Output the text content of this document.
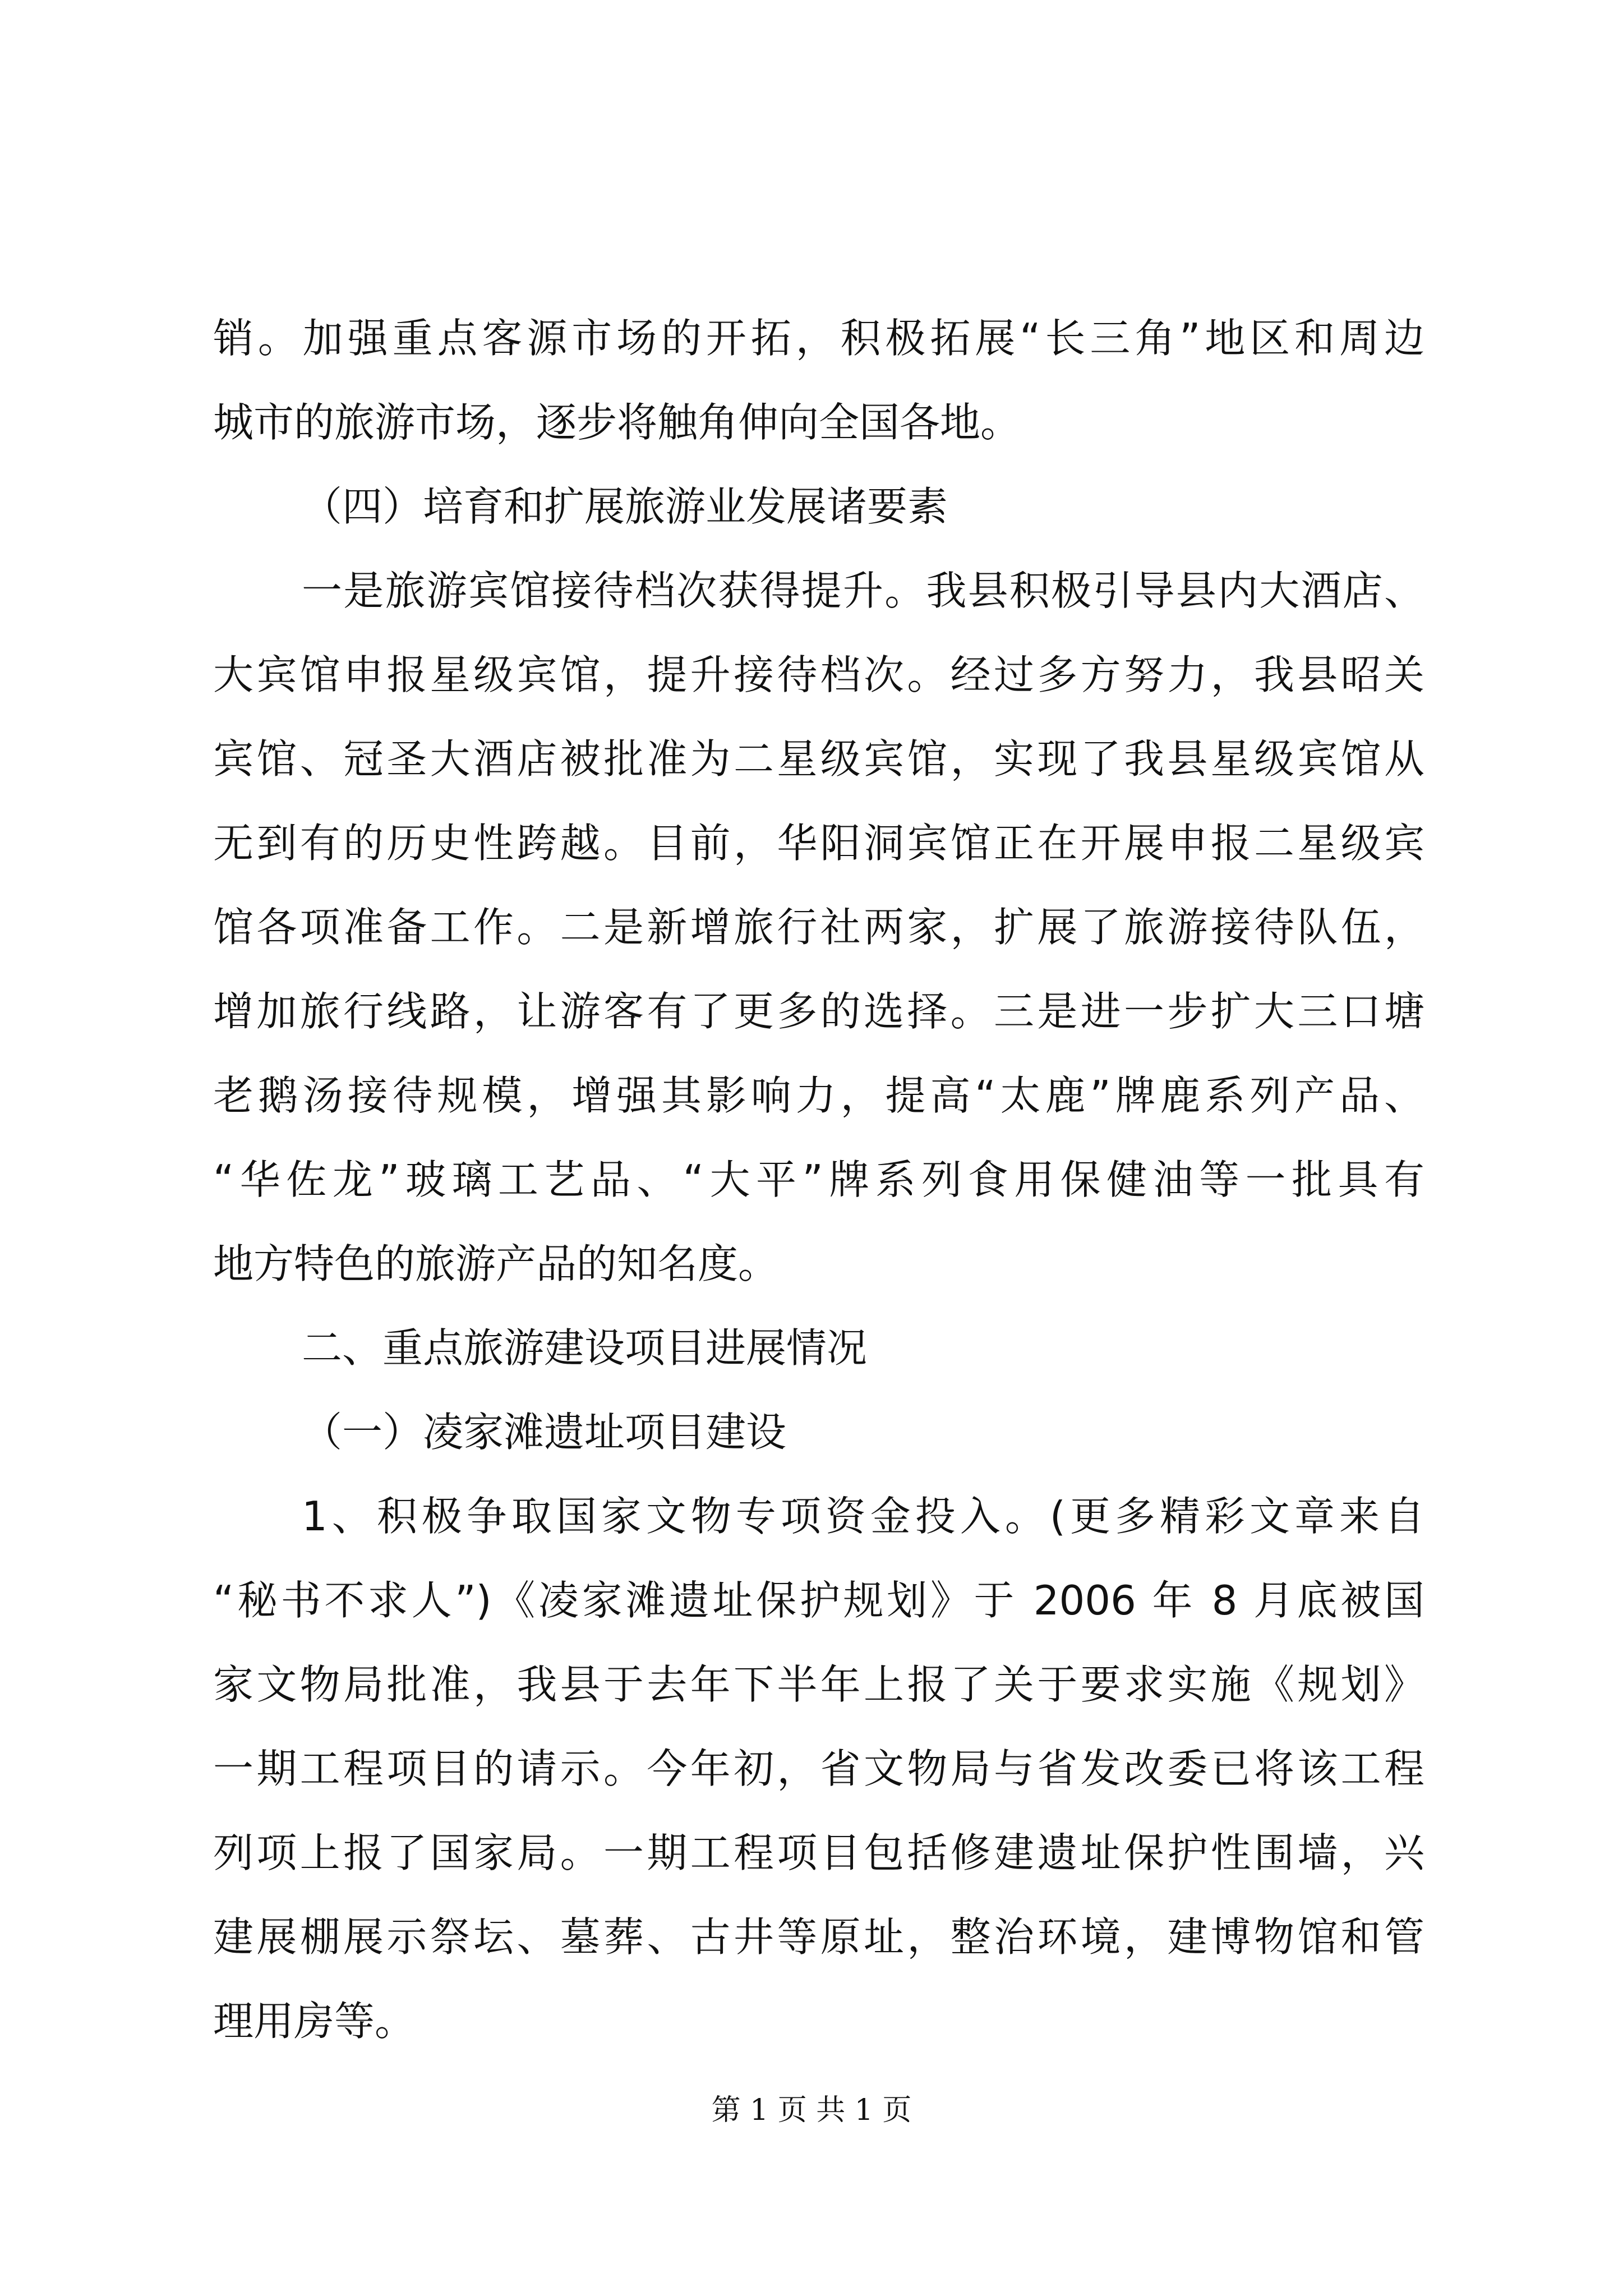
销。加强重点客源市场的开拓，积极拓展“长三角”地区和周边
城市的旅游市场，逐步将触角伸向全国各地。
（四）培育和扩展旅游业发展诸要素
一是旅游宾馆接待档次获得提升。我县积极引导县内大酒店、
大宾馆申报星级宾馆，提升接待档次。经过多方努力，我县昭关
宾馆、冠圣大酒店被批准为二星级宾馆，实现了我县星级宾馆从
无到有的历史性跨越。目前，华阳洞宾馆正在开展申报二星级宾
馆各项准备工作。二是新增旅行社两家，扩展了旅游接待队伍，
增加旅行线路，让游客有了更多的选择。三是进一步扩大三口塘
老鹅汤接待规模，增强其影响力，提高“太鹿”牌鹿系列产品、
“华佐龙”玻璃工艺品、“大平”牌系列食用保健油等一批具有
地方特色的旅游产品的知名度。
二、重点旅游建设项目进展情况
（一）凌家滩遗址项目建设
1、积极争取国家文物专项资金投入。(更多精彩文章来自
“秘书不求人”)《凌家滩遗址保护规划》于 2006 年 8 月底被国
家文物局批准，我县于去年下半年上报了关于要求实施《规划》
一期工程项目的请示。今年初，省文物局与省发改委已将该工程
列项上报了国家局。一期工程项目包括修建遗址保护性围墙，兴
建展棚展示祭坛、墓葬、古井等原址，整治环境，建博物馆和管
理用房等。
第 1 页 共 1 页
